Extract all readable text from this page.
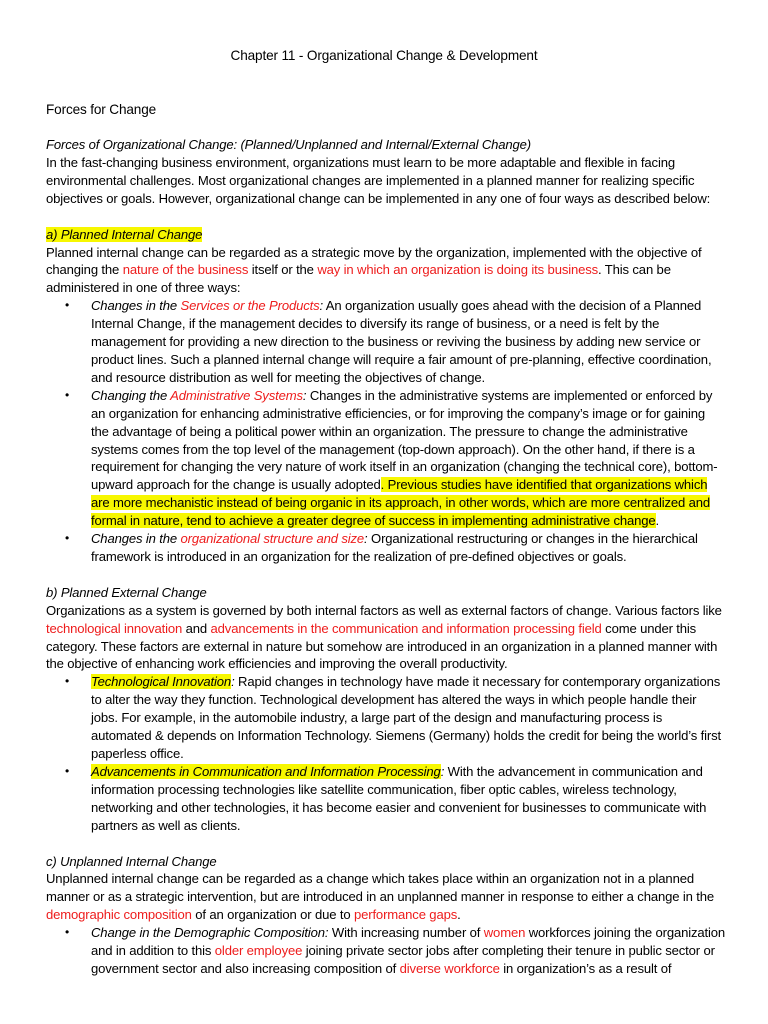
Chapter 11 - Organizational Change & Development
Forces for Change

Forces of Organizational Change: (Planned/Unplanned and Internal/External Change)

In the fast-changing business environment, organizations must learn to be more adaptable and flexible in facing environmental challenges. Most organizational changes are implemented in a planned manner for realizing specific objectives or goals. However, organizational change can be implemented in any one of four ways as described below:

a) Planned Internal Change

Planned internal change can be regarded as a strategic move by the organization, implemented with the objective of changing the nature of the business itself or the way in which an organization is doing its business. This can be administered in one of three ways:

• Changes in the Services or the Products: An organization usually goes ahead with the decision of a Planned Internal Change, if the management decides to diversify its range of business, or a need is felt by the management for providing a new direction to the business or reviving the business by adding new service or product lines. Such a planned internal change will require a fair amount of pre-planning, effective coordination, and resource distribution as well for meeting the objectives of change.
• Changing the Administrative Systems: Changes in the administrative systems are implemented or enforced by an organization for enhancing administrative efficiencies, or for improving the company’s image or for gaining the advantage of being a political power within an organization. The pressure to change the administrative systems comes from the top level of the management (top-down approach). On the other hand, if there is a requirement for changing the very nature of work itself in an organization (changing the technical core), bottom-upward approach for the change is usually adopted. Previous studies have identified that organizations which are more mechanistic instead of being organic in its approach, in other words, which are more centralized and formal in nature, tend to achieve a greater degree of success in implementing administrative change.
• Changes in the organizational structure and size: Organizational restructuring or changes in the hierarchical framework is introduced in an organization for the realization of pre-defined objectives or goals.

b) Planned External Change

Organizations as a system is governed by both internal factors as well as external factors of change. Various factors like technological innovation and advancements in the communication and information processing field come under this category. These factors are external in nature but somehow are introduced in an organization in a planned manner with the objective of enhancing work efficiencies and improving the overall productivity.

• Technological Innovation: Rapid changes in technology have made it necessary for contemporary organizations to alter the way they function. Technological development has altered the ways in which people handle their jobs. For example, in the automobile industry, a large part of the design and manufacturing process is automated & depends on Information Technology. Siemens (Germany) holds the credit for being the world’s first paperless office.
• Advancements in Communication and Information Processing: With the advancement in communication and information processing technologies like satellite communication, fiber optic cables, wireless technology, networking and other technologies, it has become easier and convenient for businesses to communicate with partners as well as clients.

c) Unplanned Internal Change

Unplanned internal change can be regarded as a change which takes place within an organization not in a planned manner or as a strategic intervention, but are introduced in an unplanned manner in response to either a change in the demographic composition of an organization or due to performance gaps.

• Change in the Demographic Composition: With increasing number of women workforces joining the organization and in addition to this older employee joining private sector jobs after completing their tenure in public sector or government sector and also increasing composition of diverse workforce in organization’s as a result of
